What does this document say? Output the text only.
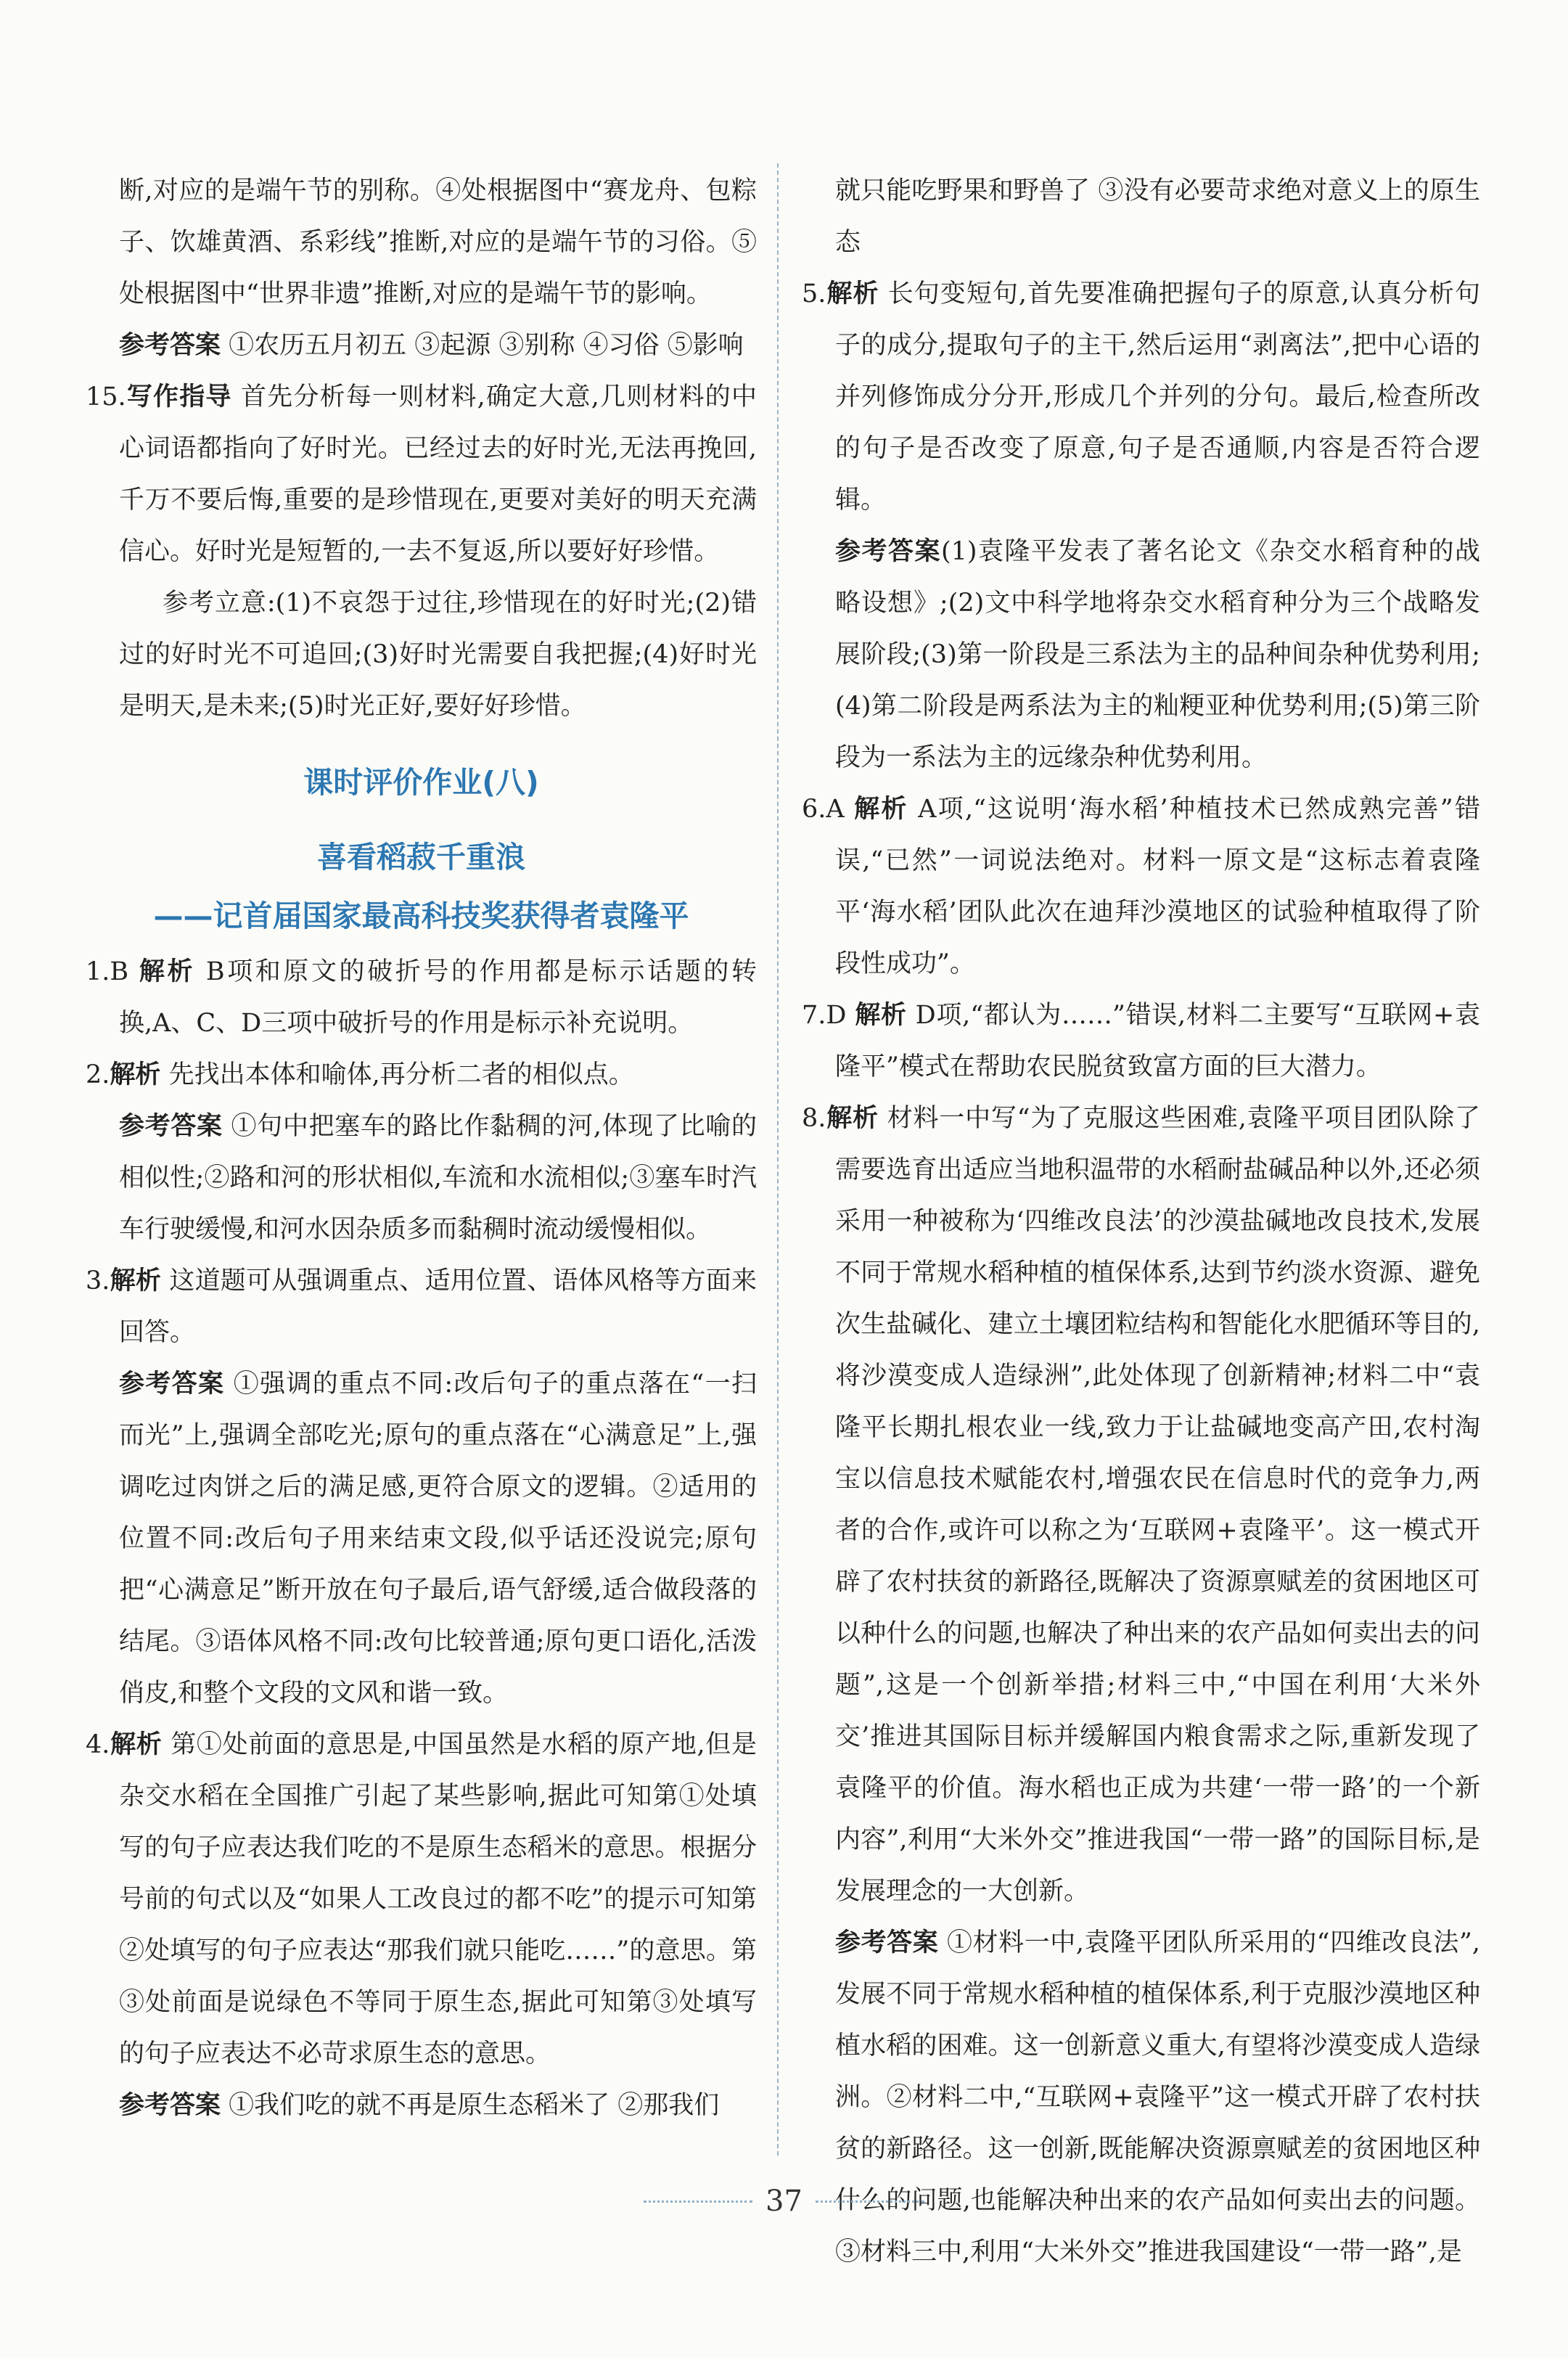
断,对应的是端午节的别称。④处根据图中“赛龙舟、包粽子、饮雄黄酒、系彩线”推断,对应的是端午节的习俗。⑤处根据图中“世界非遗”推断,对应的是端午节的影响。

参考答案 ①农历五月初五 ③起源 ③别称 ④习俗 ⑤影响

15.写作指导 首先分析每一则材料,确定大意,几则材料的中心词语都指向了好时光。已经过去的好时光,无法再挽回,千万不要后悔,重要的是珍惜现在,更要对美好的明天充满信心。好时光是短暂的,一去不复返,所以要好好珍惜。

参考立意:(1)不哀怨于过往,珍惜现在的好时光;(2)错过的好时光不可追回;(3)好时光需要自我把握;(4)好时光是明天,是未来;(5)时光正好,要好好珍惜。

课时评价作业(八)

喜看稻菽千重浪

——记首届国家最高科技奖获得者袁隆平

1.B 解析 B项和原文的破折号的作用都是标示话题的转换,A、C、D三项中破折号的作用是标示补充说明。

2.解析 先找出本体和喻体,再分析二者的相似点。

参考答案 ①句中把塞车的路比作黏稠的河,体现了比喻的相似性;②路和河的形状相似,车流和水流相似;③塞车时汽车行驶缓慢,和河水因杂质多而黏稠时流动缓慢相似。

3.解析 这道题可从强调重点、适用位置、语体风格等方面来回答。

参考答案 ①强调的重点不同:改后句子的重点落在“一扫而光”上,强调全部吃光;原句的重点落在“心满意足”上,强调吃过肉饼之后的满足感,更符合原文的逻辑。②适用的位置不同:改后句子用来结束文段,似乎话还没说完;原句把“心满意足”断开放在句子最后,语气舒缓,适合做段落的结尾。③语体风格不同:改句比较普通;原句更口语化,活泼俏皮,和整个文段的文风和谐一致。

4.解析 第①处前面的意思是,中国虽然是水稻的原产地,但是杂交水稻在全国推广引起了某些影响,据此可知第①处填写的句子应表达我们吃的不是原生态稻米的意思。根据分号前的句式以及“如果人工改良过的都不吃”的提示可知第②处填写的句子应表达“那我们就只能吃……”的意思。第③处前面是说绿色不等同于原生态,据此可知第③处填写的句子应表达不必苛求原生态的意思。

参考答案 ①我们吃的就不再是原生态稻米了 ②那我们

就只能吃野果和野兽了 ③没有必要苛求绝对意义上的原生态

5.解析 长句变短句,首先要准确把握句子的原意,认真分析句子的成分,提取句子的主干,然后运用“剥离法”,把中心语的并列修饰成分分开,形成几个并列的分句。最后,检查所改的句子是否改变了原意,句子是否通顺,内容是否符合逻辑。

参考答案(1)袁隆平发表了著名论文《杂交水稻育种的战略设想》;(2)文中科学地将杂交水稻育种分为三个战略发展阶段;(3)第一阶段是三系法为主的品种间杂种优势利用;(4)第二阶段是两系法为主的籼粳亚种优势利用;(5)第三阶段为一系法为主的远缘杂种优势利用。

6.A 解析 A项,“这说明‘海水稻’种植技术已然成熟完善”错误,“已然”一词说法绝对。材料一原文是“这标志着袁隆平‘海水稻’团队此次在迪拜沙漠地区的试验种植取得了阶段性成功”。

7.D 解析 D项,“都认为……”错误,材料二主要写“互联网+袁隆平”模式在帮助农民脱贫致富方面的巨大潜力。

8.解析 材料一中写“为了克服这些困难,袁隆平项目团队除了需要选育出适应当地积温带的水稻耐盐碱品种以外,还必须采用一种被称为‘四维改良法’的沙漠盐碱地改良技术,发展不同于常规水稻种植的植保体系,达到节约淡水资源、避免次生盐碱化、建立土壤团粒结构和智能化水肥循环等目的,将沙漠变成人造绿洲”,此处体现了创新精神;材料二中“袁隆平长期扎根农业一线,致力于让盐碱地变高产田,农村淘宝以信息技术赋能农村,增强农民在信息时代的竞争力,两者的合作,或许可以称之为‘互联网+袁隆平’。这一模式开辟了农村扶贫的新路径,既解决了资源禀赋差的贫困地区可以种什么的问题,也解决了种出来的农产品如何卖出去的问题”,这是一个创新举措;材料三中,“中国在利用‘大米外交’推进其国际目标并缓解国内粮食需求之际,重新发现了袁隆平的价值。海水稻也正成为共建‘一带一路’的一个新内容”,利用“大米外交”推进我国“一带一路”的国际目标,是发展理念的一大创新。

参考答案 ①材料一中,袁隆平团队所采用的“四维改良法”,发展不同于常规水稻种植的植保体系,利于克服沙漠地区种植水稻的困难。这一创新意义重大,有望将沙漠变成人造绿洲。②材料二中,“互联网+袁隆平”这一模式开辟了农村扶贫的新路径。这一创新,既能解决资源禀赋差的贫困地区种什么的问题,也能解决种出来的农产品如何卖出去的问题。③材料三中,利用“大米外交”推进我国建设“一带一路”,是

37
